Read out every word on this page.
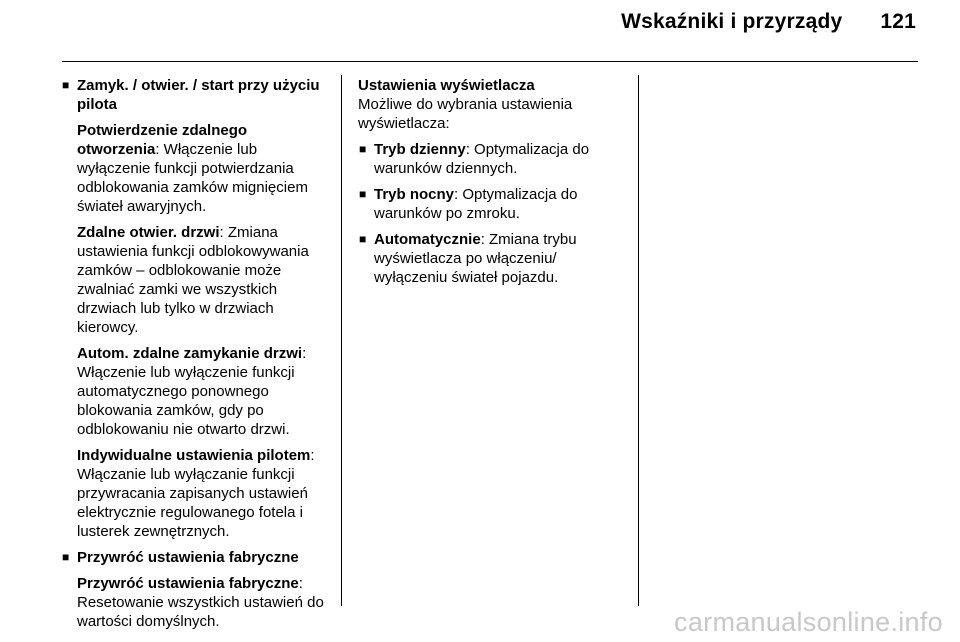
Wskaźniki i przyrządy 121
■ Zamyk. / otwier. / start przy użyciu pilota

Potwierdzenie zdalnego otworzenia: Włączenie lub wyłączenie funkcji potwierdzania odblokowania zamków mignięciem świateł awaryjnych.

Zdalne otwier. drzwi: Zmiana ustawienia funkcji odblokowywania zamków – odblokowanie może zwalniać zamki we wszystkich drzwiach lub tylko w drzwiach kierowcy.

Autom. zdalne zamykanie drzwi: Włączenie lub wyłączenie funkcji automatycznego ponownego blokowania zamków, gdy po odblokowaniu nie otwarto drzwi.

Indywidualne ustawienia pilotem: Włączanie lub wyłączanie funkcji przywracania zapisanych ustawień elektrycznie regulowanego fotela i lusterek zewnętrznych.

■ Przywróć ustawienia fabryczne

Przywróć ustawienia fabryczne: Resetowanie wszystkich ustawień do wartości domyślnych.

Ustawienia wyświetlacza

Możliwe do wybrania ustawienia wyświetlacza:

■ Tryb dzienny: Optymalizacja do warunków dziennych.
■ Tryb nocny: Optymalizacja do warunków po zmroku.
■ Automatycznie: Zmiana trybu wyświetlacza po włączeniu/ wyłączeniu świateł pojazdu.
carmanualsonline.info
